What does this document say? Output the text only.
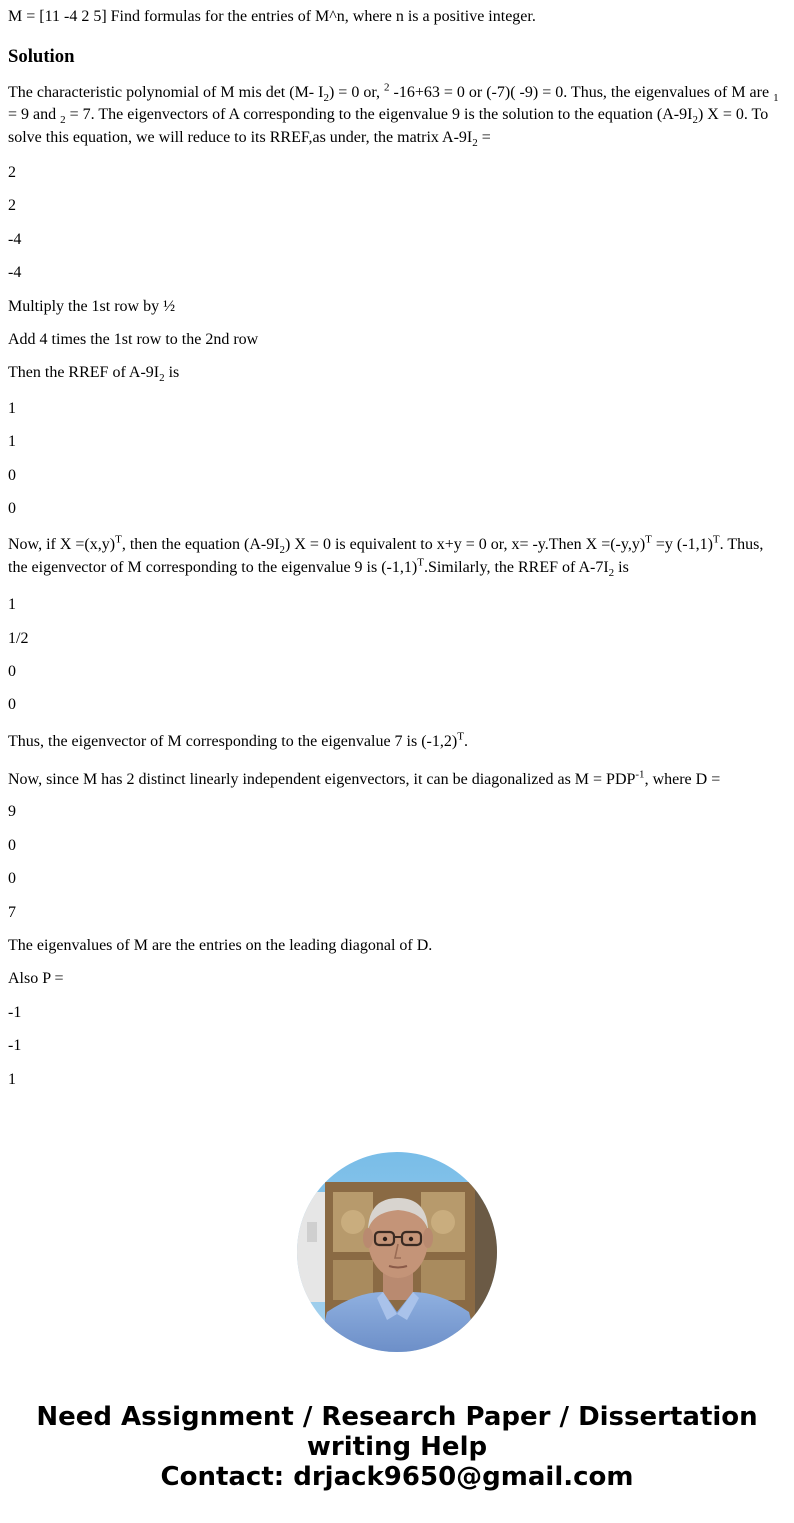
M = [11 -4 2 5] Find formulas for the entries of M^n, where n is a positive integer.

Solution

The characteristic polynomial of M mis det (M- $I_2) = 0$ or, $^2$ -16+63 = 0 or (-7)( -9) = 0. Thus, the eigenvalues of M are $_1$ = 9 and $_2$ = 7. The eigenvectors of A corresponding to the eigenvalue 9 is the solution to the equation $(A-9I_2) X = 0$. To solve this equation, we will reduce to its RREF,as under, the matrix $A-9I_2$ =

2

2

-4

-4

Multiply the 1st row by ½

Add 4 times the 1st row to the 2nd row

Then the RREF of $A-9I_2$ is

1

1

0

0

Now, if $X =(x,y)^T$, then the equation $(A-9I_2) X = 0$ is equivalent to x+y = 0 or, x= -y.Then $X =(-y,y)^T =y$ $(-1,1)^T$. Thus, the eigenvector of M corresponding to the eigenvalue 9 is $(-1,1)^T.Similarly$, the RREF of $A-7I_2$ is

1

1/2

0

0

Thus, the eigenvector of M corresponding to the eigenvalue 7 is $(-1,2)^T$.

Now, since M has 2 distinct linearly independent eigenvectors, it can be diagonalized as $M = PDP^{-1}$, where D =

9

0

0

7

The eigenvalues of M are the entries on the leading diagonal of D.

Also P =

-1

-1

1

Need Assignment / Research Paper / Dissertation
writing Help
Contact: drjack9650@gmail.com
